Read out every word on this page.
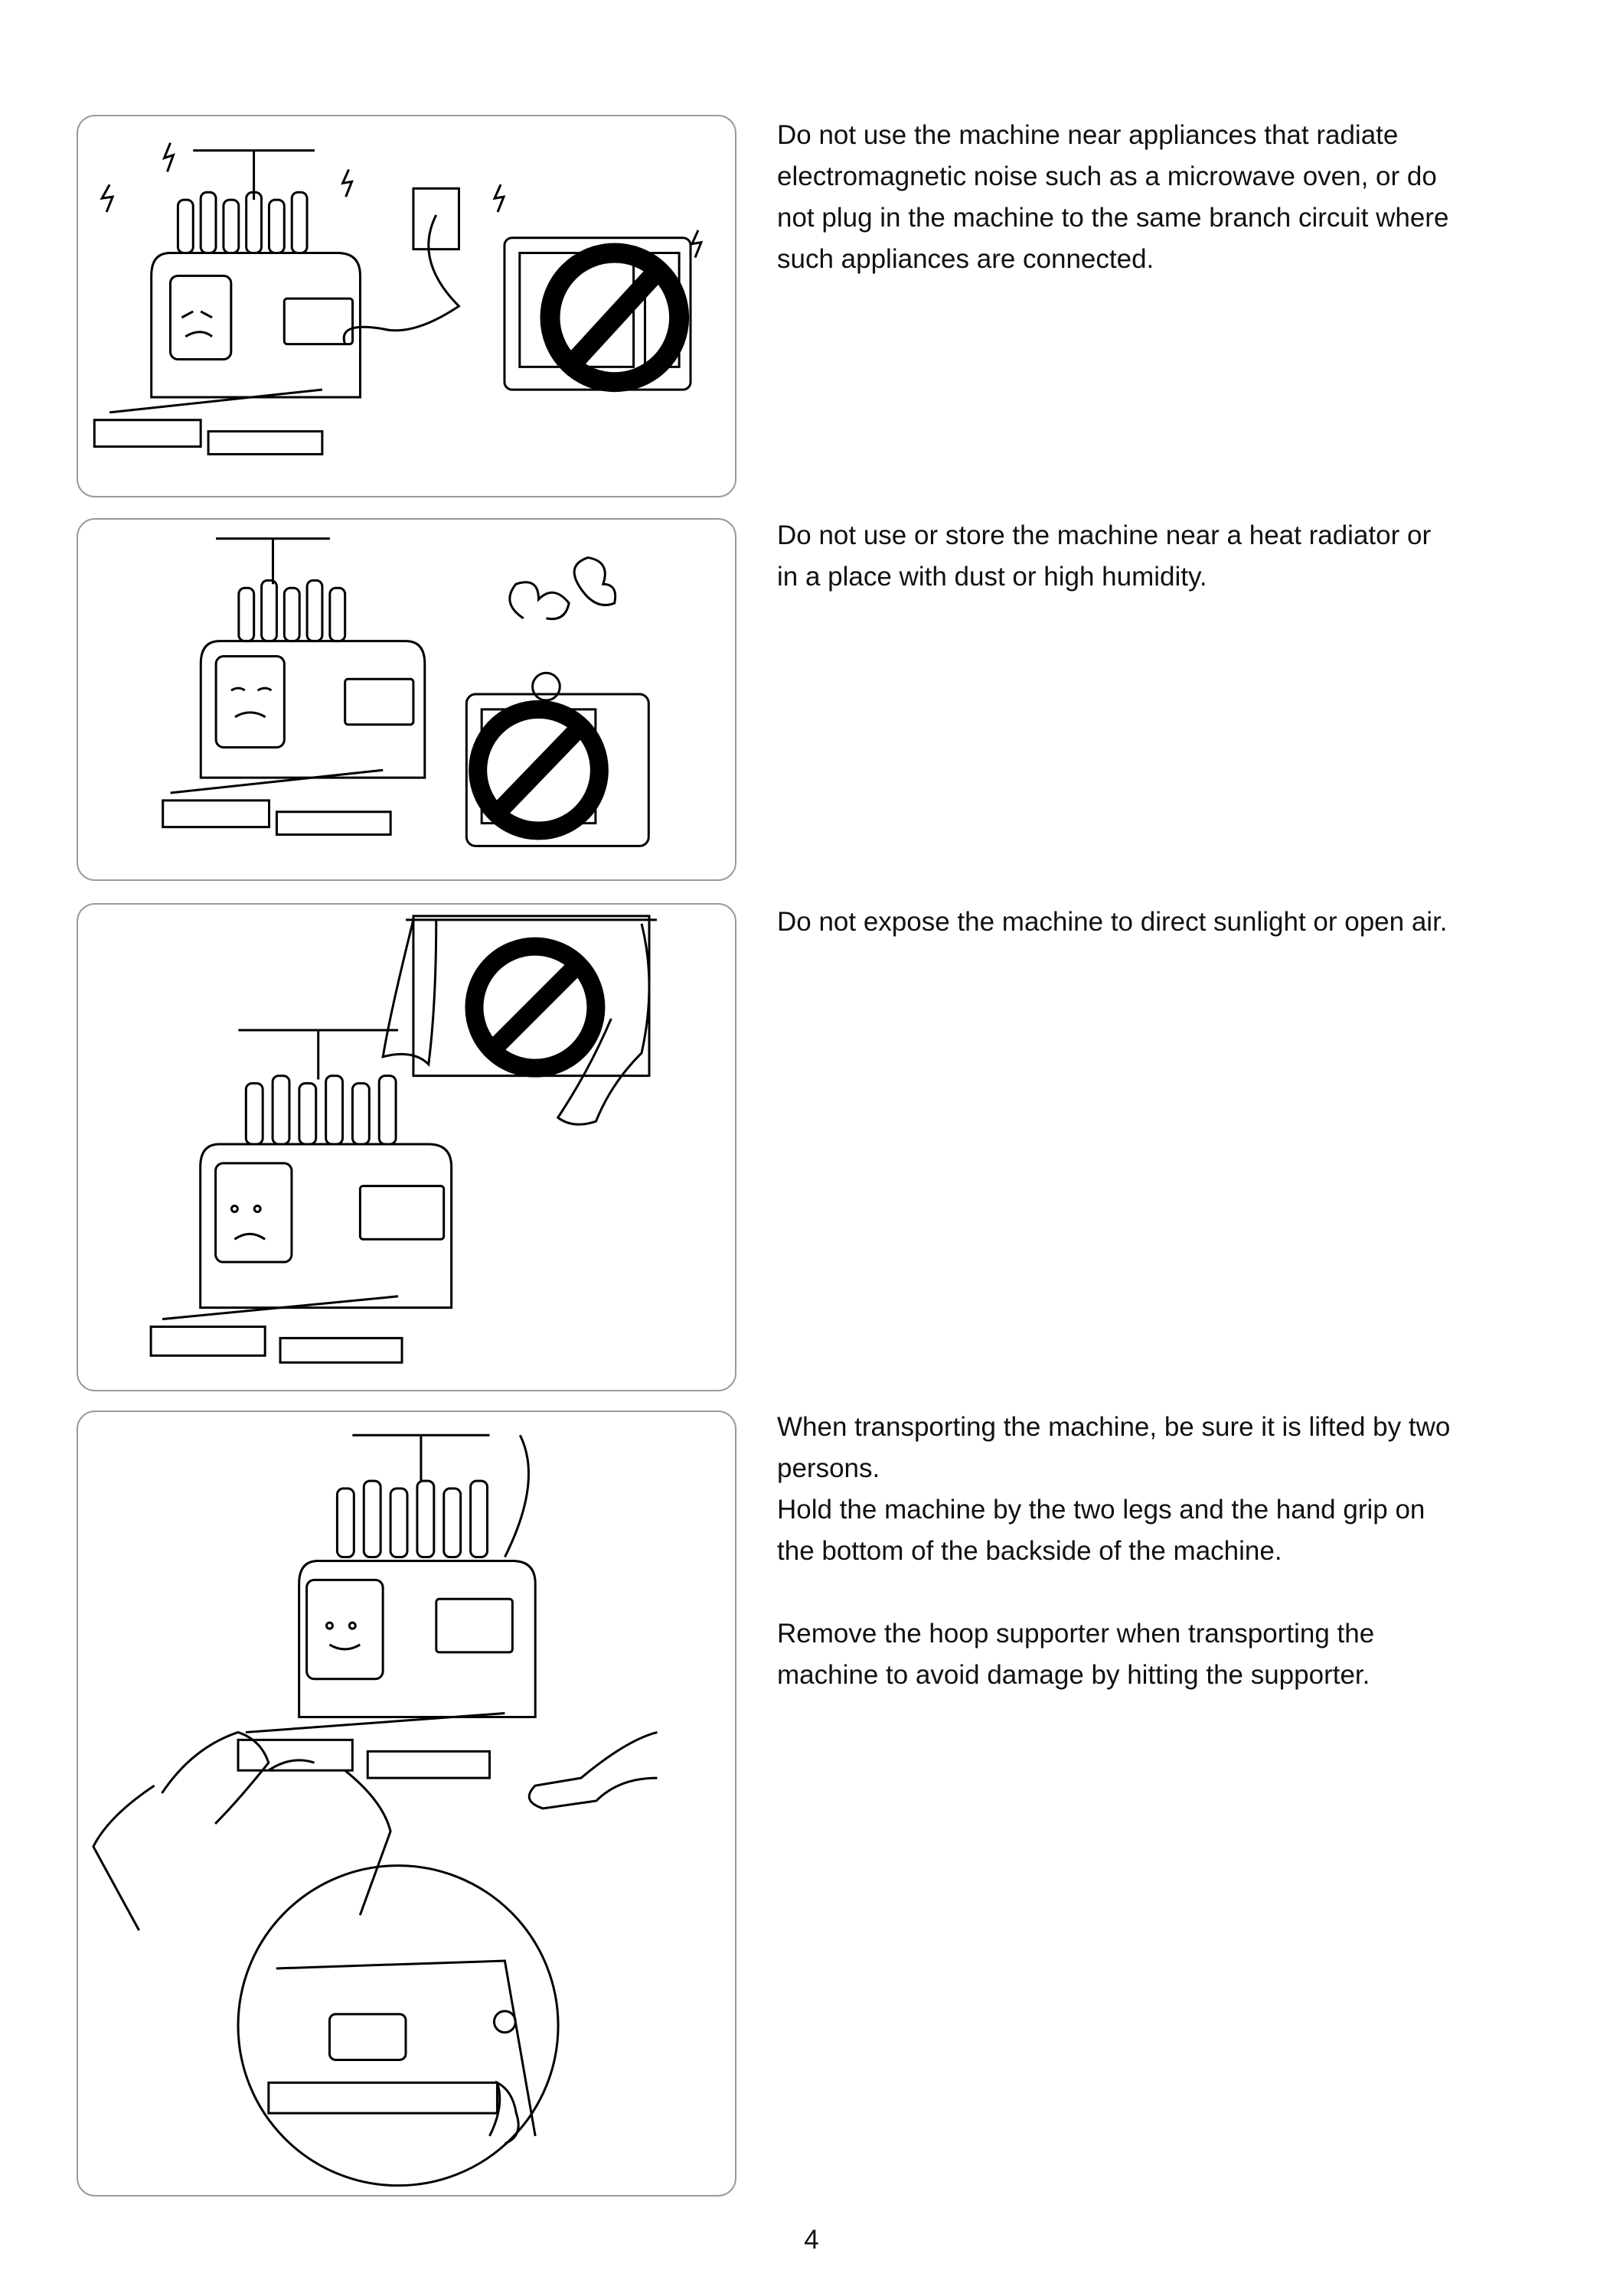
Do not use the machine near appliances that radiate electromagnetic noise such as a microwave oven, or do not plug in the machine to the same branch circuit where such appliances are connected.

Do not use or store the machine near a heat radiator or in a place with dust or high humidity.

Do not expose the machine to direct sunlight or open air.

When transporting the machine, be sure it is lifted by two persons.

Hold the machine by the two legs and the hand grip on the bottom of the backside of the machine.

Remove the hoop supporter when transporting the machine to avoid damage by hitting the supporter.

4
